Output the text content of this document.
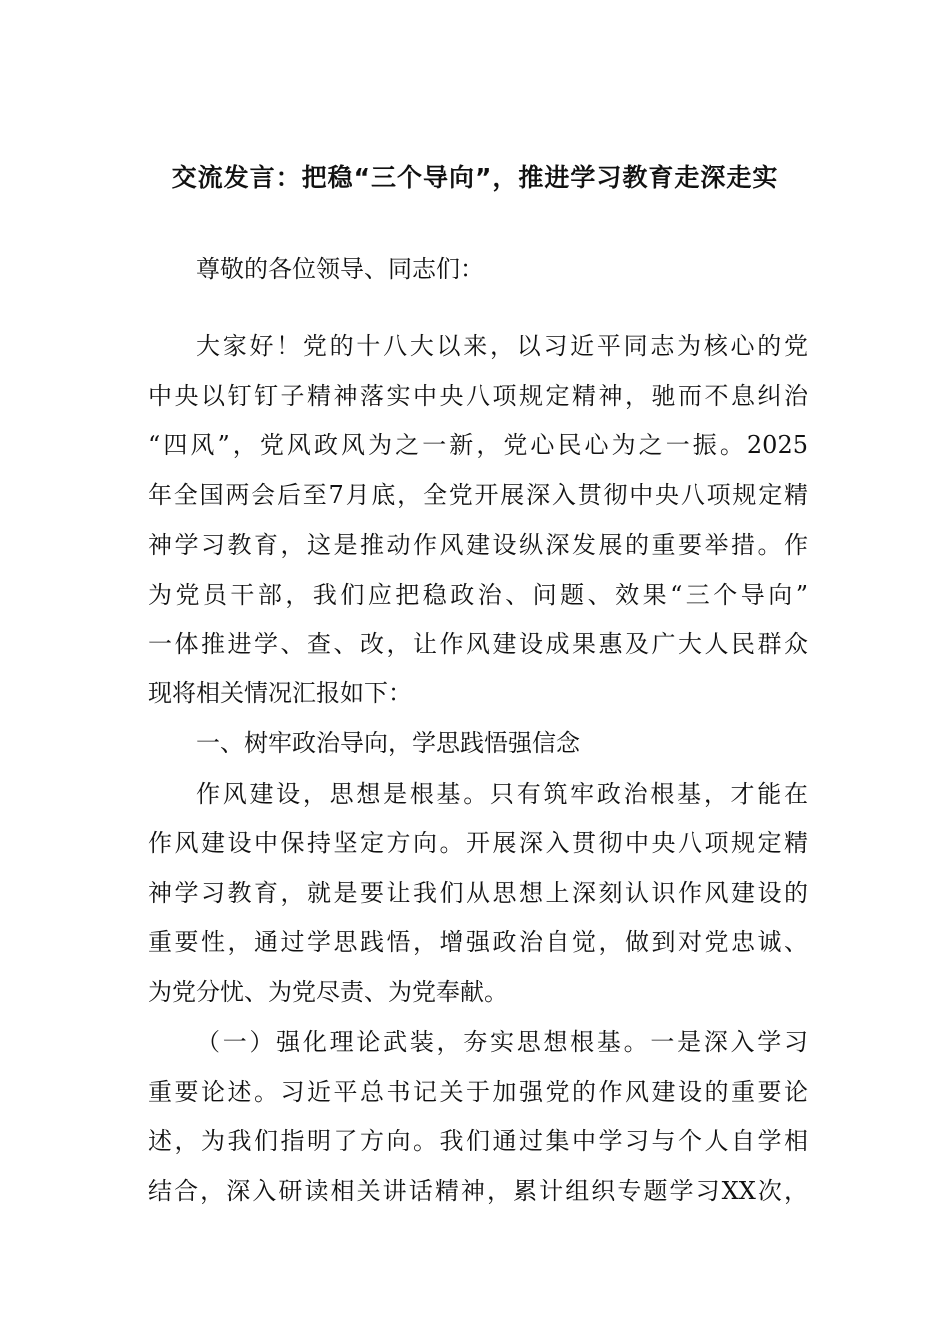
交流发言：把稳“三个导向”，推进学习教育走深走实
尊敬的各位领导、同志们：
大家好！党的十八大以来，以习近平同志为核心的党
中央以钉钉子精神落实中央八项规定精神，驰而不息纠治
“四风”，党风政风为之一新，党心民心为之一振。2025
年全国两会后至7月底，全党开展深入贯彻中央八项规定精
神学习教育，这是推动作风建设纵深发展的重要举措。作
为党员干部，我们应把稳政治、问题、效果“三个导向”
一体推进学、查、改，让作风建设成果惠及广大人民群众
现将相关情况汇报如下：
一、树牢政治导向，学思践悟强信念
作风建设，思想是根基。只有筑牢政治根基，才能在
作风建设中保持坚定方向。开展深入贯彻中央八项规定精
神学习教育，就是要让我们从思想上深刻认识作风建设的
重要性，通过学思践悟，增强政治自觉，做到对党忠诚、
为党分忧、为党尽责、为党奉献。
（一）强化理论武装，夯实思想根基。一是深入学习
重要论述。习近平总书记关于加强党的作风建设的重要论
述，为我们指明了方向。我们通过集中学习与个人自学相
结合，深入研读相关讲话精神，累计组织专题学习XX次，
